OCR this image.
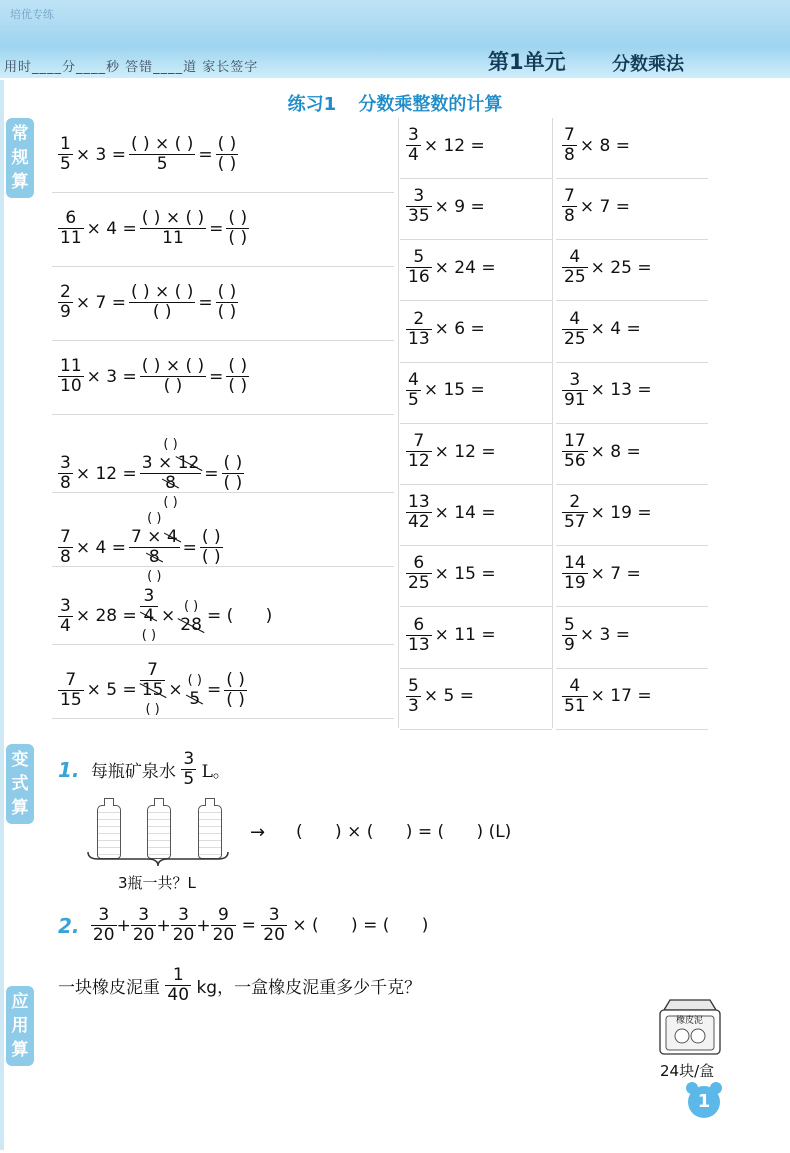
培优专练
用时____分____秒 答错____道 家长签字	第1单元	分数乘法
练习1 分数乘整数的计算
常规算
变式算
应用算
$\frac{1}{5} \times 3 = \frac{( ) \times ( )}{5} = \frac{( )}{( )}$
$\frac{6}{11} \times 4 = \frac{( ) \times ( )}{11} = \frac{( )}{( )}$
$\frac{2}{9} \times 7 = \frac{( ) \times ( )}{( )} = \frac{( )}{( )}$
$\frac{11}{10} \times 3 = \frac{( ) \times ( )}{( )} = \frac{( )}{( )}$
$\frac{3}{8} \times 12$ =
( )
3 × 12
8
( )
= $\frac{( )}{( )}$
$\frac{7}{8} \times 4$ =
( )
7 × 4
8
( )
= $\frac{( )}{( )}$
$\frac{3}{4} \times 28$ =
3
4
( )
× ( )
28 = (      )
$\frac{7}{15} \times 5$ =
7
15
( )
× ( )
$5 = \frac{( )}{( )}$
$\frac{3}{4} \times 12$ =	$\frac{7}{8} \times 8$ =
$\frac{3}{35} \times 9$ =	$\frac{7}{8} \times 7$ =
$\frac{5}{16} \times 24$ =	$\frac{4}{25} \times 25$ =
$\frac{2}{13} \times 6$ =	$\frac{4}{25} \times 4$ =
$\frac{4}{5} \times 15$ =	$\frac{3}{91} \times 13$ =
$\frac{7}{12} \times 12$ =	$\frac{17}{56} \times 8$ =
$\frac{13}{42} \times 14$ =	$\frac{2}{57} \times 19$ =
$\frac{6}{25} \times 15$ =	$\frac{14}{19} \times 7$ =
$\frac{6}{13} \times 11$ =	$\frac{5}{9} \times 3$ =
$\frac{5}{3} \times 5$ =	$\frac{4}{51} \times 17$ =
1. 每瓶矿泉水 $\frac{3}{5}$ L。
3瓶一共？L
→ (      ) × (      ) = (      ) (L)
2. $\frac{3}{20} + \frac{3}{20} + \frac{3}{20} + \frac{9}{20} = \frac{3}{20}$ × (      ) = (      )
一块橡皮泥重 $\frac{1}{40}$ kg，一盒橡皮泥重多少千克？
橡皮泥
24块/盒
1
